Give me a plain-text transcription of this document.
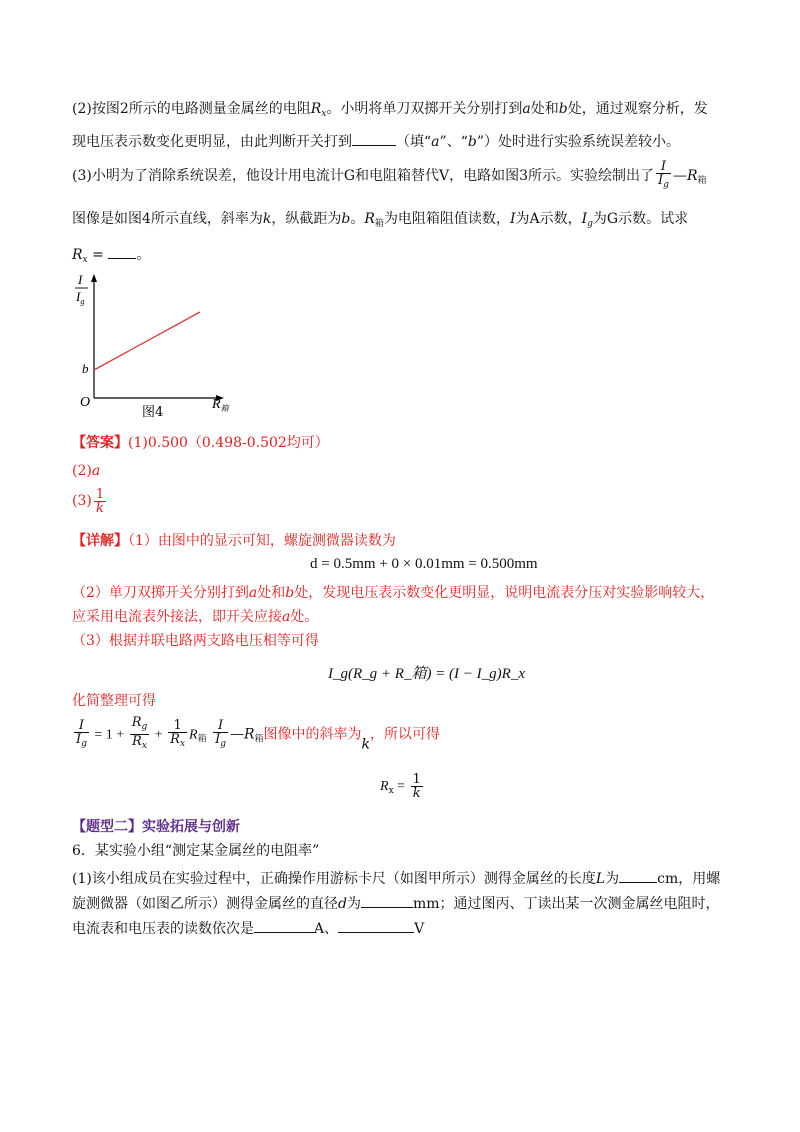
(2)按图2所示的电路测量金属丝的电阻$R_x$。小明将单刀双掷开关分别打到a处和b处，通过观察分析，发
现电压表示数变化更明显，由此判断开关打到	（填“a”、“b”）处时进行实验系统误差较小。
(3)小明为了消除系统误差，他设计用电流计G和电阻箱替代V，电路如图3所示。实验绘制出了 $\frac{I}{I_g}$ $—R_箱$
图像是如图4所示直线，斜率为k，纵截距为b。$R_箱$为电阻箱阻值读数，I为A示数，$I_g$为G示数。试求
$R_x$ = 。
I
$I_g$
b
O	$R_箱$
图4
【答案】(1)0.500（0.498-0.502均可）
(2)a
$(3) \frac{1}{k}$
【详解】（1）由图中的显示可知，螺旋测微器读数为
d = 0.5mm + 0 × 0.01mm = 0.500mm
（2）单刀双掷开关分别打到a处和b处，发现电压表示数变化更明显，说明电流表分压对实验影响较大，
应采用电流表外接法，即开关应接a处。
（3）根据并联电路两支路电压相等可得
I_g(R_g + R_箱) = (I − I_g)R_x
化简整理可得
$\frac{I}{I_g} = 1 + \frac{R_g}{R_x} + \frac{1}{R_x} R_箱 \frac{I}{I_g}$ $—R_箱$图像中的斜率为k，所以可得
$R_x = \frac{1}{k}$
【题型二】实验拓展与创新
6．某实验小组“测定某金属丝的电阻率”
(1)该小组成员在实验过程中，正确操作用游标卡尺（如图甲所示）测得金属丝的长度L为	cm，用螺
旋测微器（如图乙所示）测得金属丝的直径d为	mm；通过图丙、丁读出某一次测金属丝电阻时，
电流表和电压表的读数依次是	A、	V
